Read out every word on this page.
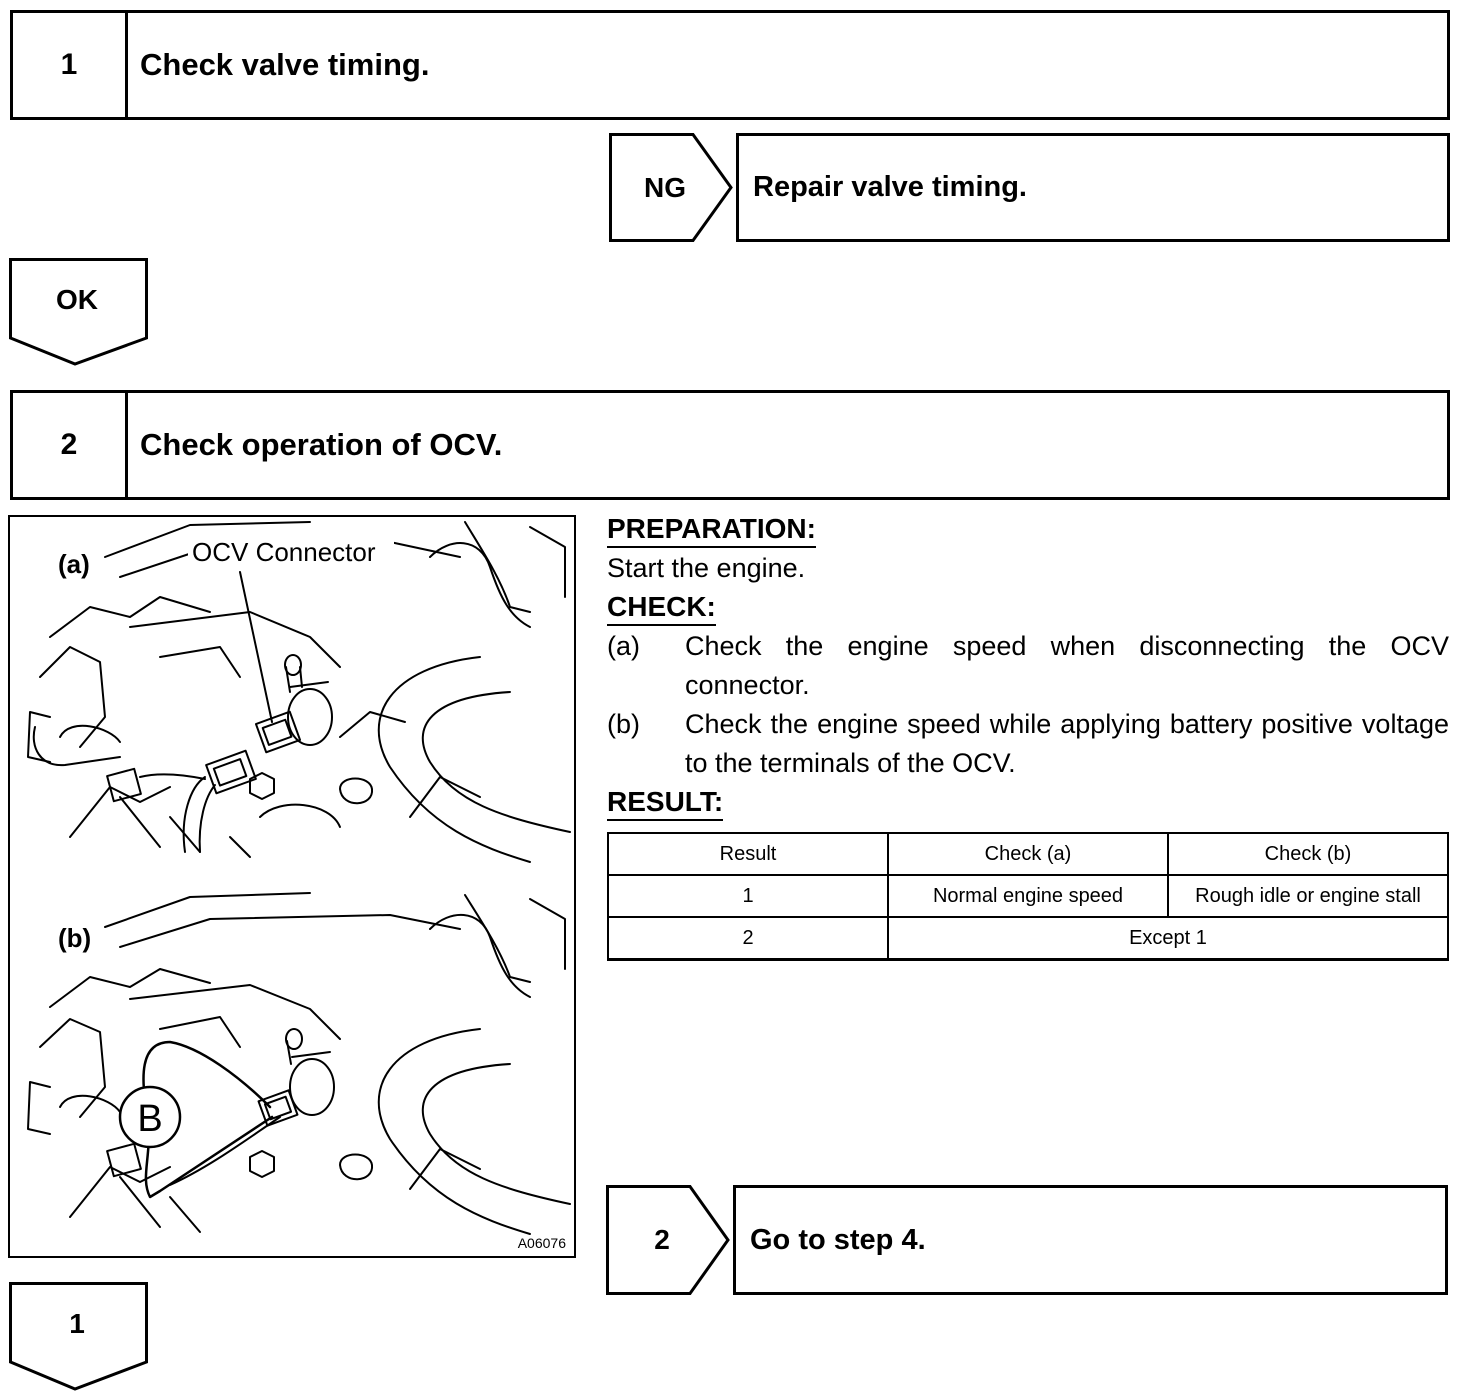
1	Check valve timing.
NG	Repair valve timing.
OK
2	Check operation of OCV.
(a)	OCV Connector
(b)
B
A06076
PREPARATION:

Start the engine.

CHECK:
(a)	Check the engine speed when disconnecting the OCV connector.
(b)	Check the engine speed while applying battery positive voltage to the terminals of the OCV.
RESULT:
Result	Check (a)	Check (b)
1	Normal engine speed	Rough idle or engine stall
2	Except 1	
2	Go to step 4.
1
